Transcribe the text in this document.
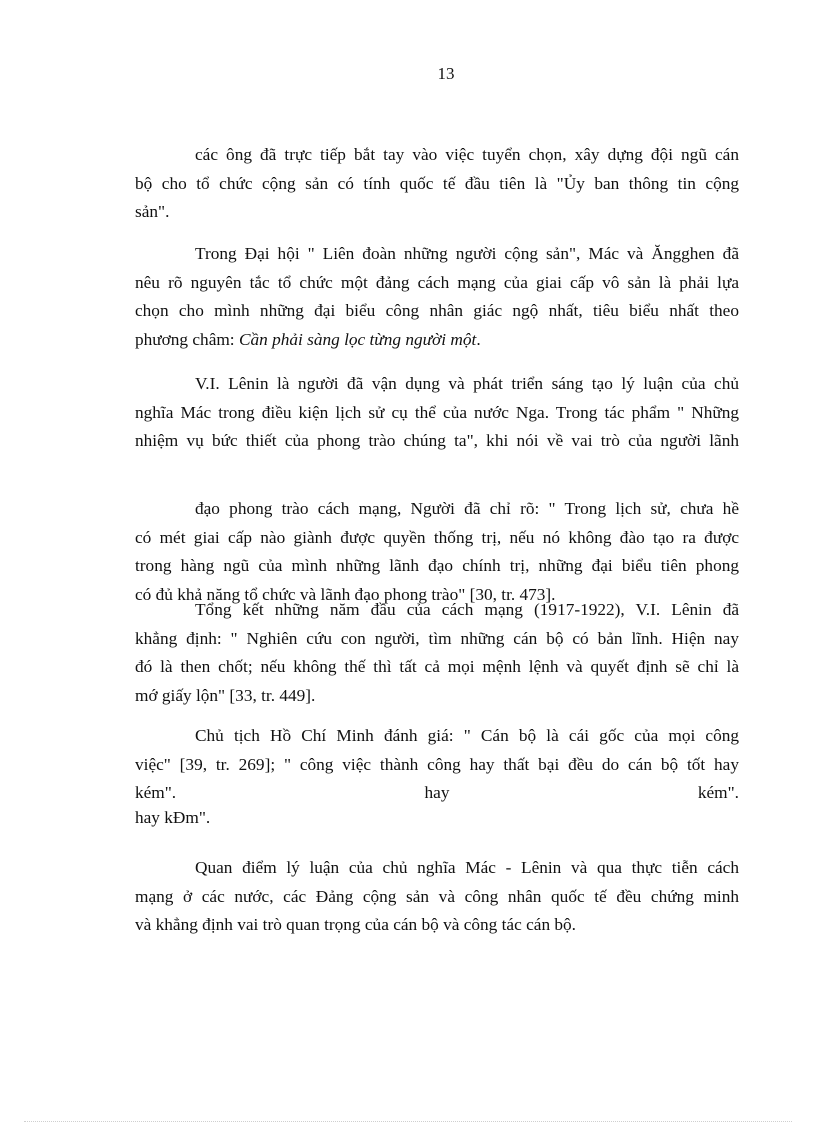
13
các ông đã trực tiếp bắt tay vào việc tuyển chọn, xây dựng đội ngũ cán
bộ cho tổ chức cộng sản có tính quốc tế đầu tiên là "Ủy ban thông tin cộng
sản".
Trong Đại hội " Liên đoàn những người cộng sản", Mác và Ăngghen đã
nêu rõ nguyên tắc tổ chức một đảng cách mạng của giai cấp vô sản là phải lựa
chọn cho mình những đại biểu công nhân giác ngộ nhất, tiêu biểu nhất theo
phương châm: Cần phải sàng lọc từng người một.
V.I. Lênin là người đã vận dụng và phát triển sáng tạo lý luận của chủ
nghĩa Mác trong điều kiện lịch sử cụ thể của nước Nga. Trong tác phẩm " Những
nhiệm vụ bức thiết của phong trào chúng ta", khi nói về vai trò của người lãnh
đạo phong trào cách mạng, Người đã chỉ rõ: " Trong lịch sử, chưa hề
có mét giai cấp nào giành được quyền thống trị, nếu nó không đào tạo ra được
trong hàng ngũ của mình những lãnh đạo chính trị, những đại biểu tiên phong
có đủ khả năng tổ chức và lãnh đạo phong trào" [30, tr. 473].
Tổng kết những năm đầu của cách mạng (1917-1922), V.I. Lênin đã
khẳng định: " Nghiên cứu con người, tìm những cán bộ có bản lĩnh. Hiện nay
đó là then chốt; nếu không thế thì tất cả mọi mệnh lệnh và quyết định sẽ chỉ là
mớ giấy lộn" [33, tr. 449].
Chủ tịch Hồ Chí Minh đánh giá: " Cán bộ là cái gốc của mọi công
việc" [39, tr. 269]; " công việc thành công hay thất bại đều do cán bộ tốt hay
kém".	hay	kém".
hay kĐm".
Quan điểm lý luận của chủ nghĩa Mác - Lênin và qua thực tiễn cách
mạng ở các nước, các Đảng cộng sản và công nhân quốc tế đều chứng minh
và khẳng định vai trò quan trọng của cán bộ và công tác cán bộ.
